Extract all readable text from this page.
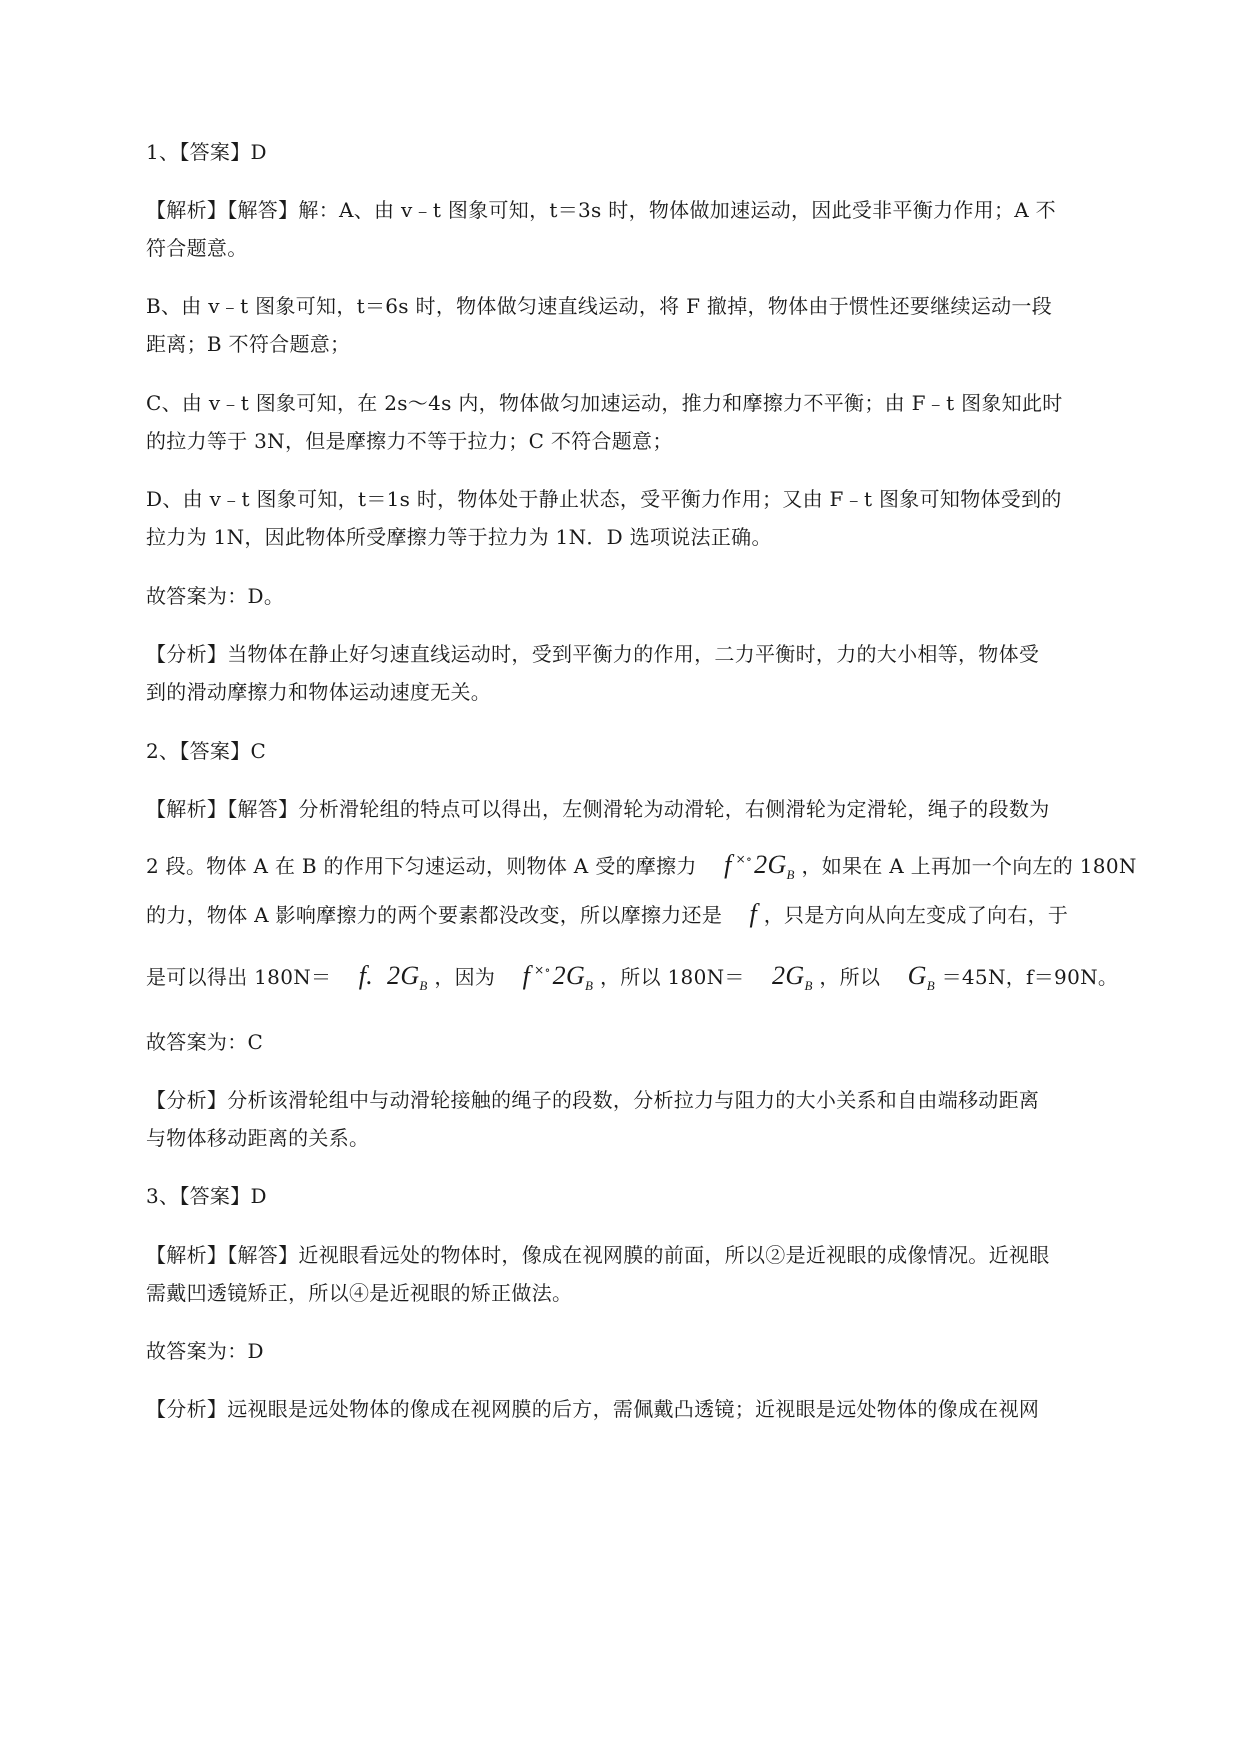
1、【答案】D
【解析】【解答】解：A、由 v﹣t 图象可知，t＝3s 时，物体做加速运动，因此受非平衡力作用；A 不
符合题意。
B、由 v﹣t 图象可知，t＝6s 时，物体做匀速直线运动，将 F 撤掉，物体由于惯性还要继续运动一段
距离；B 不符合题意；
C、由 v﹣t 图象可知，在 2s～4s 内，物体做匀加速运动，推力和摩擦力不平衡；由 F﹣t 图象知此时
的拉力等于 3N，但是摩擦力不等于拉力；C 不符合题意；
D、由 v﹣t 图象可知，t＝1s 时，物体处于静止状态，受平衡力作用；又由 F﹣t 图象可知物体受到的
拉力为 1N，因此物体所受摩擦力等于拉力为 1N．D 选项说法正确。
故答案为：D。
【分析】当物体在静止好匀速直线运动时，受到平衡力的作用，二力平衡时，力的大小相等，物体受
到的滑动摩擦力和物体运动速度无关。
2、【答案】C
【解析】【解答】分析滑轮组的特点可以得出，左侧滑轮为动滑轮，右侧滑轮为定滑轮，绳子的段数为
2 段。物体 A 在 B 的作用下匀速运动，则物体 A 受的摩擦力 f $^{\times\circ}2G_B$ ，如果在 A 上再加一个向左的 180N
的力，物体 A 影响摩擦力的两个要素都没改变，所以摩擦力还是 f ，只是方向从向左变成了向右，于
是可以得出 180N＝ f. $2G_B$ ，因为 f $^{\times\circ}2G_B$ ，所以 $180N= 2G_B$ ，所以 $G_B =45N$，f＝90N。
故答案为：C
【分析】分析该滑轮组中与动滑轮接触的绳子的段数，分析拉力与阻力的大小关系和自由端移动距离
与物体移动距离的关系。
3、【答案】D
【解析】【解答】近视眼看远处的物体时，像成在视网膜的前面，所以②是近视眼的成像情况。近视眼
需戴凹透镜矫正，所以④是近视眼的矫正做法。
故答案为：D
【分析】远视眼是远处物体的像成在视网膜的后方，需佩戴凸透镜；近视眼是远处物体的像成在视网
